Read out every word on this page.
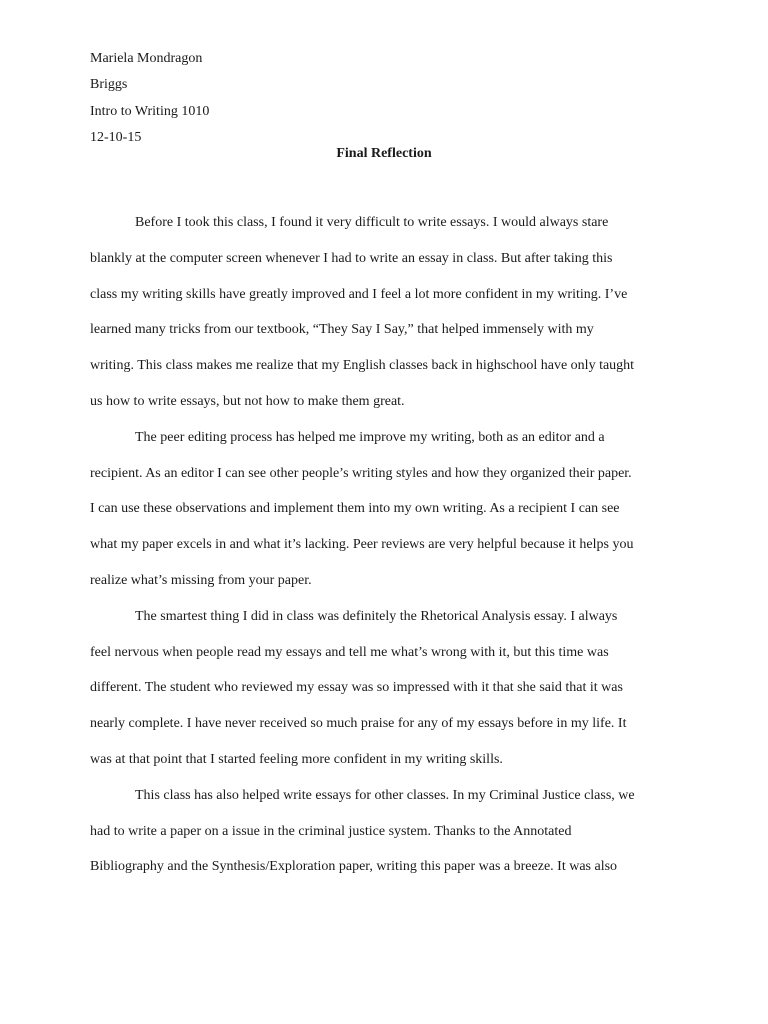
Mariela Mondragon
Briggs
Intro to Writing 1010
12-10-15
Final Reflection
Before I took this class, I found it very difficult to write essays. I would always stare
blankly at the computer screen whenever I had to write an essay in class. But after taking this
class my writing skills have greatly improved and I feel a lot more confident in my writing. I’ve
learned many tricks from our textbook, “They Say I Say,” that helped immensely with my
writing. This class makes me realize that my English classes back in highschool have only taught
us how to write essays, but not how to make them great.
The peer editing process has helped me improve my writing, both as an editor and a
recipient. As an editor I can see other people’s writing styles and how they organized their paper.
I can use these observations and implement them into my own writing. As a recipient I can see
what my paper excels in and what it’s lacking. Peer reviews are very helpful because it helps you
realize what’s missing from your paper.
The smartest thing I did in class was definitely the Rhetorical Analysis essay. I always
feel nervous when people read my essays and tell me what’s wrong with it, but this time was
different. The student who reviewed my essay was so impressed with it that she said that it was
nearly complete. I have never received so much praise for any of my essays before in my life. It
was at that point that I started feeling more confident in my writing skills.
This class has also helped write essays for other classes. In my Criminal Justice class, we
had to write a paper on a issue in the criminal justice system. Thanks to the Annotated
Bibliography and the Synthesis/Exploration paper, writing this paper was a breeze. It was also
